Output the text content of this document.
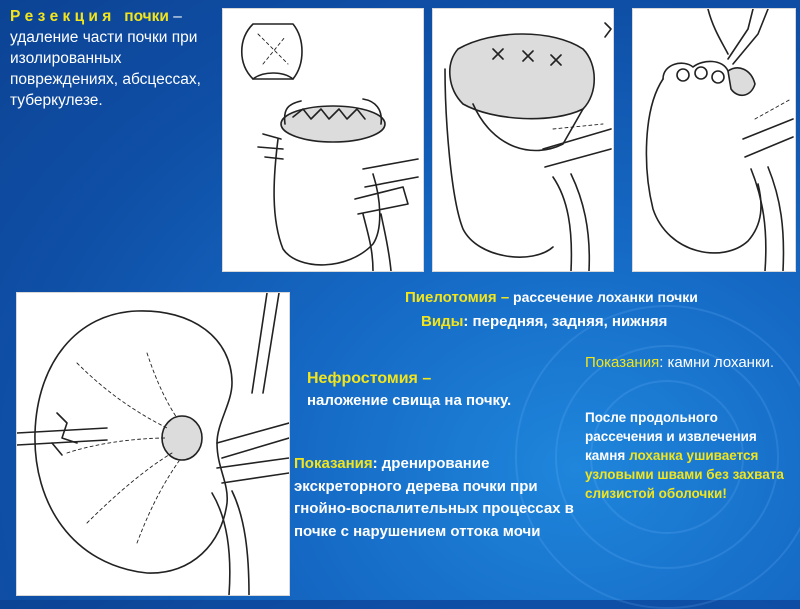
Р е з е к ц и я   почки – удаление части почки при изолированных повреждениях, абсцессах, туберкулезе.
Пиелотомия – рассечение лоханки почки
Виды: передняя, задняя, нижняя
Показания: камни лоханки.
После продольного рассечения и извлечения камня лоханка ушивается узловыми швами без захвата слизистой оболочки!
Нефростомия –
наложение свища на почку.
Показания: дренирование экскреторного дерева почки при гнойно-воспалительных процессах в почке с нарушением оттока мочи
